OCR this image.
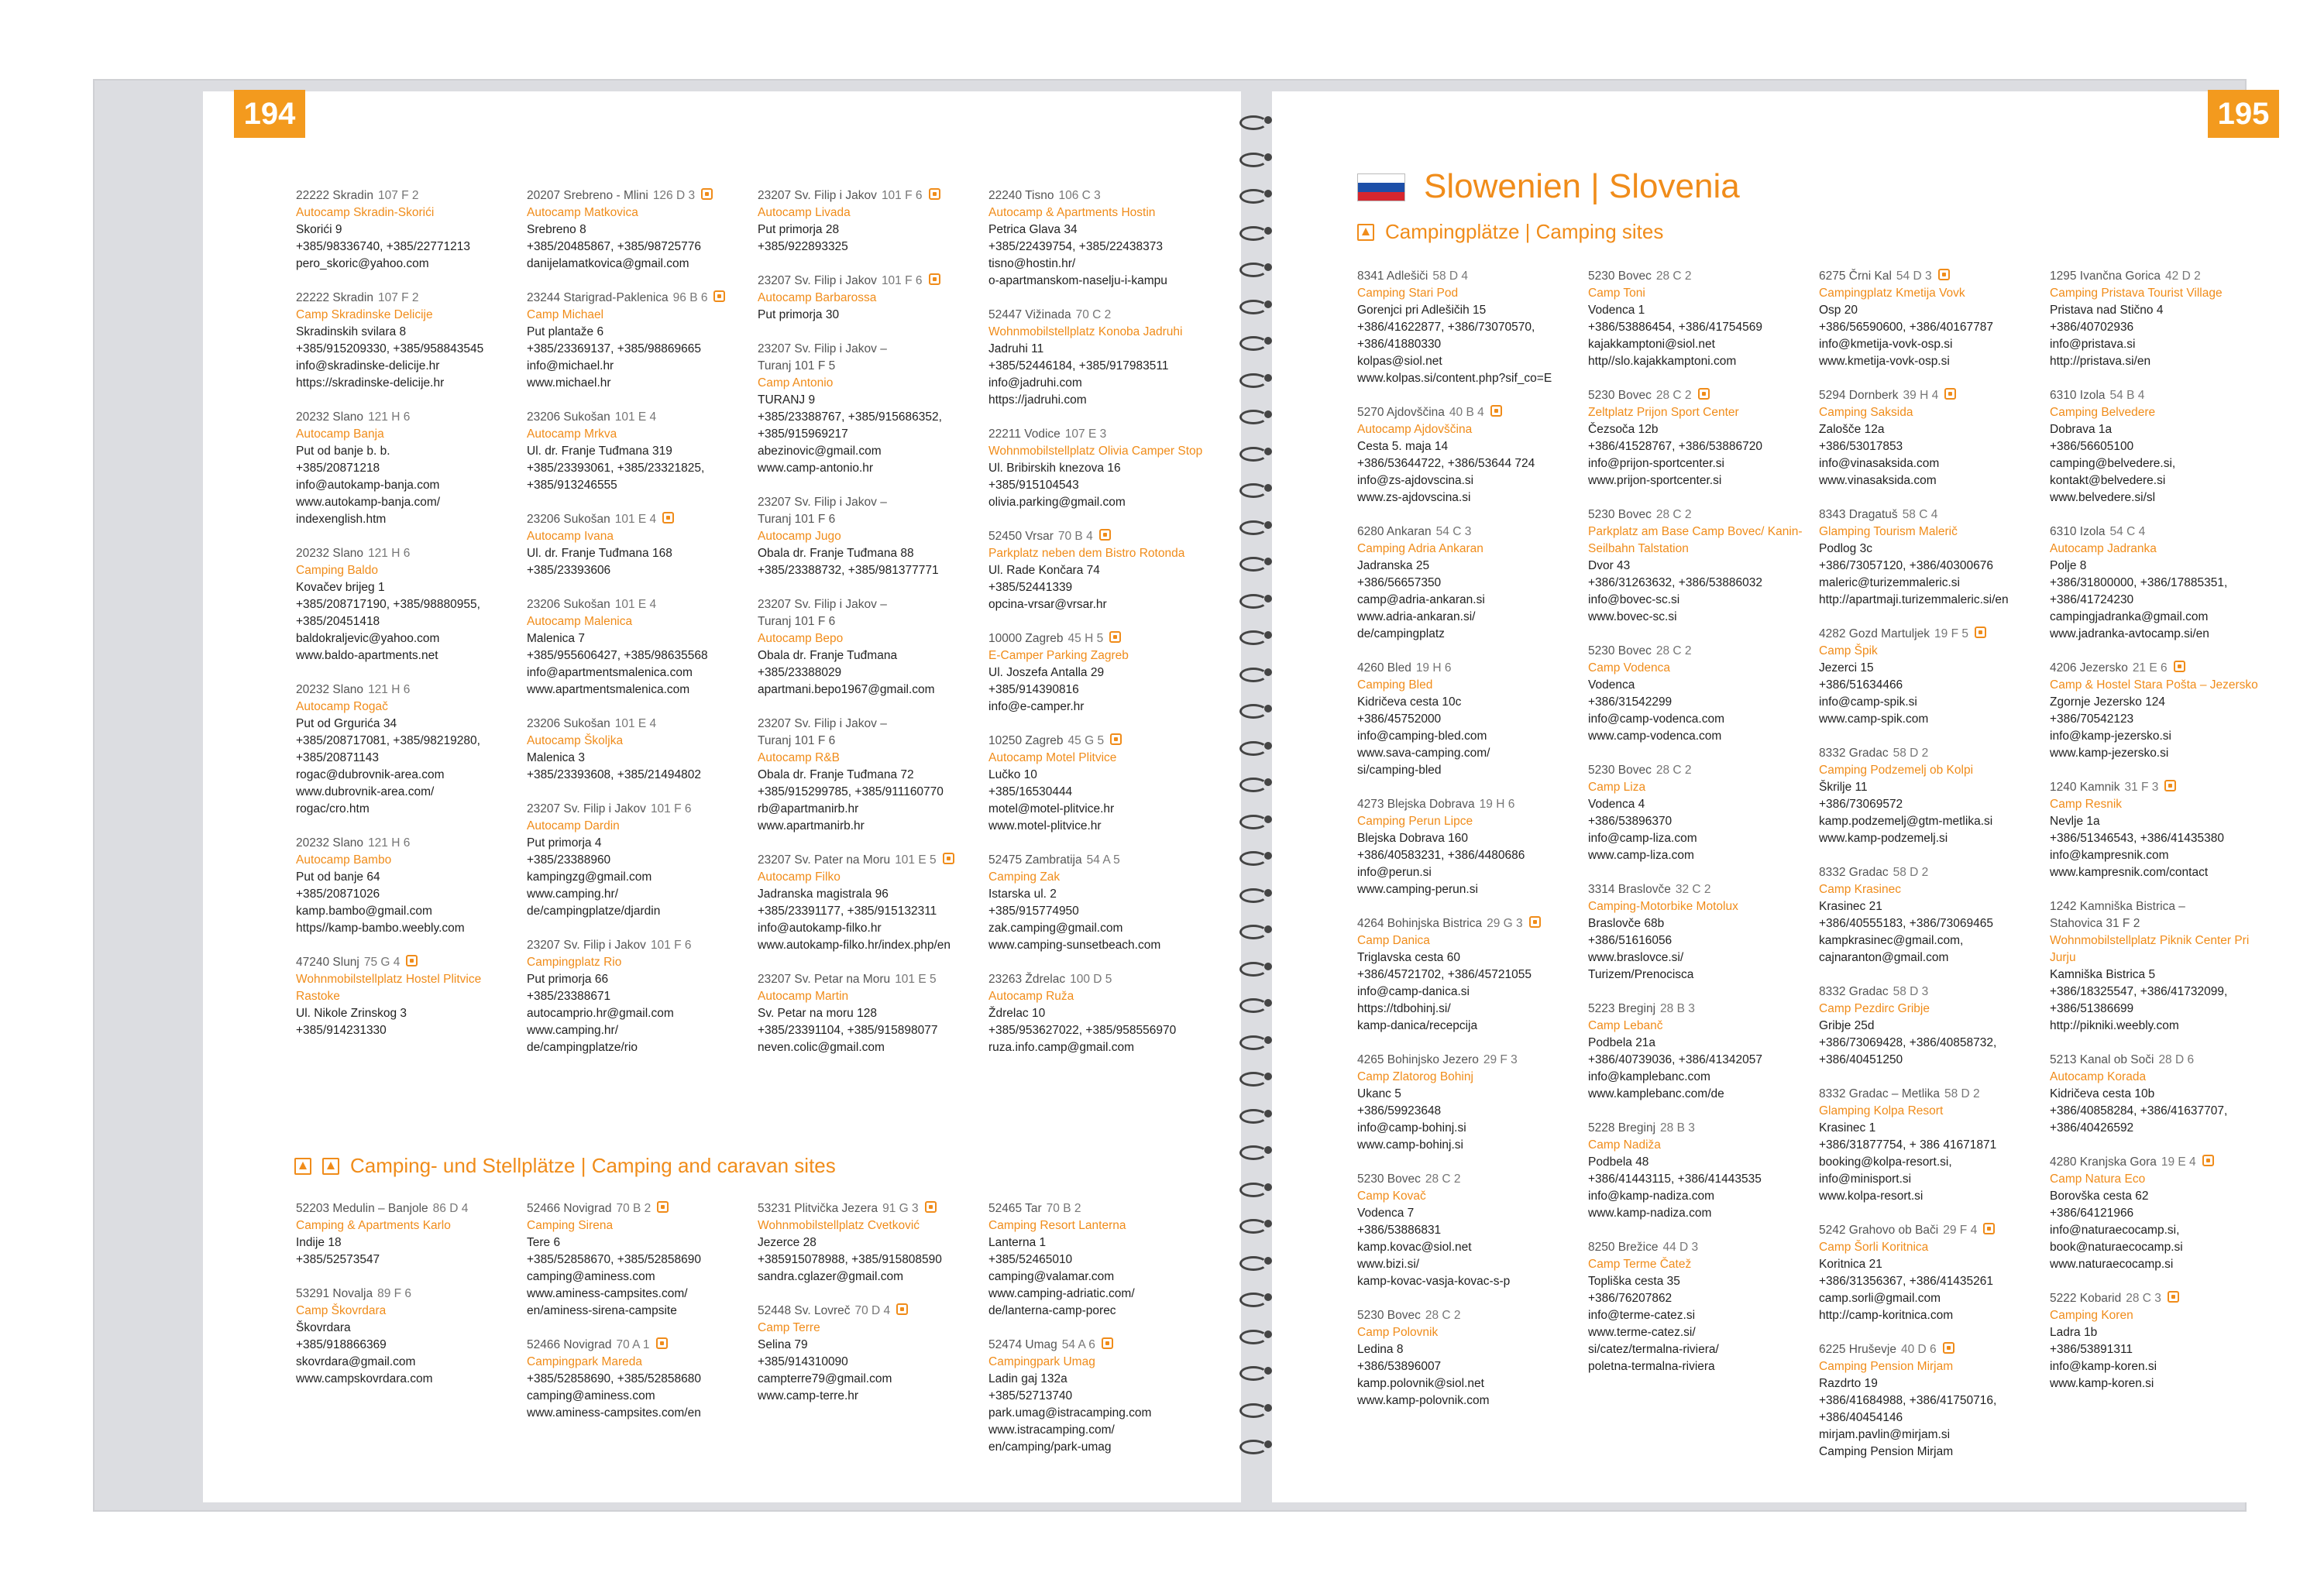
194
22222 Skradin 107 F 2
Autocamp Skradin-Skorići
Skorići 9
+385/98336740, +385/22771213
pero_skoric@yahoo.com
22222 Skradin 107 F 2
Camp Skradinske Delicije
Skradinskih svilara 8
+385/915209330, +385/958843545
info@skradinske-delicije.hr
https://skradinske-delicije.hr
20232 Slano 121 H 6
Autocamp Banja
Put od banje b. b.
+385/20871218
info@autokamp-banja.com
www.autokamp-banja.com/
indexenglish.htm
20232 Slano 121 H 6
Camping Baldo
Kovačev brijeg 1
+385/208717190, +385/98880955,
+385/20451418
baldokraljevic@yahoo.com
www.baldo-apartments.net
20232 Slano 121 H 6
Autocamp Rogač
Put od Grgurića 34
+385/208717081, +385/98219280,
+385/20871143
rogac@dubrovnik-area.com
www.dubrovnik-area.com/
rogac/cro.htm
20232 Slano 121 H 6
Autocamp Bambo
Put od banje 64
+385/20871026
kamp.bambo@gmail.com
https//kamp-bambo.weebly.com
47240 Slunj 75 G 4
Wohnmobilstellplatz Hostel Plitvice Rastoke
Ul. Nikole Zrinskog 3
+385/914231330
20207 Srebreno - Mlini 126 D 3
Autocamp Matkovica
Srebreno 8
+385/20485867, +385/98725776
danijelamatkovica@gmail.com
23244 Starigrad-Paklenica 96 B 6
Camp Michael
Put plantaže 6
+385/23369137, +385/98869665
info@michael.hr
www.michael.hr
23206 Sukošan 101 E 4
Autocamp Mrkva
Ul. dr. Franje Tuđmana 319
+385/23393061, +385/23321825,
+385/913246555
23206 Sukošan 101 E 4
Autocamp Ivana
Ul. dr. Franje Tuđmana 168
+385/23393606
23206 Sukošan 101 E 4
Autocamp Malenica
Malenica 7
+385/955606427, +385/98635568
info@apartmentsmalenica.com
www.apartmentsmalenica.com
23206 Sukošan 101 E 4
Autocamp Školjka
Malenica 3
+385/23393608, +385/21494802
23207 Sv. Filip i Jakov 101 F 6
Autocamp Dardin
Put primorja 4
+385/23388960
kampingzg@gmail.com
www.camping.hr/
de/campingplatze/djardin
23207 Sv. Filip i Jakov 101 F 6
Campingplatz Rio
Put primorja 66
+385/23388671
autocamprio.hr@gmail.com
www.camping.hr/
de/campingplatze/rio
23207 Sv. Filip i Jakov 101 F 6
Autocamp Livada
Put primorja 28
+385/922893325
23207 Sv. Filip i Jakov 101 F 6
Autocamp Barbarossa
Put primorja 30
23207 Sv. Filip i Jakov –
Turanj 101 F 5
Camp Antonio
TURANJ 9
+385/23388767, +385/915686352,
+385/915969217
abezinovic@gmail.com
www.camp-antonio.hr
23207 Sv. Filip i Jakov –
Turanj 101 F 6
Autocamp Jugo
Obala dr. Franje Tuđmana 88
+385/23388732, +385/981377771
23207 Sv. Filip i Jakov –
Turanj 101 F 6
Autocamp Bepo
Obala dr. Franje Tuđmana
+385/23388029
apartmani.bepo1967@gmail.com
23207 Sv. Filip i Jakov –
Turanj 101 F 6
Autocamp R&B
Obala dr. Franje Tuđmana 72
+385/915299785, +385/911160770
rb@apartmanirb.hr
www.apartmanirb.hr
23207 Sv. Pater na Moru 101 E 5
Autocamp Filko
Jadranska magistrala 96
+385/23391177, +385/915132311
info@autokamp-filko.hr
www.autokamp-filko.hr/index.php/en
23207 Sv. Petar na Moru 101 E 5
Autocamp Martin
Sv. Petar na moru 128
+385/23391104, +385/915898077
neven.colic@gmail.com
22240 Tisno 106 C 3
Autocamp & Apartments Hostin
Petrica Glava 34
+385/22439754, +385/22438373
tisno@hostin.hr/
o-apartmanskom-naselju-i-kampu
52447 Vižinada 70 C 2
Wohnmobilstellplatz Konoba Jadruhi
Jadruhi 11
+385/52446184, +385/917983511
info@jadruhi.com
https://jadruhi.com
22211 Vodice 107 E 3
Wohnmobilstellplatz Olivia Camper Stop
Ul. Bribirskih knezova 16
+385/915104543
olivia.parking@gmail.com
52450 Vrsar 70 B 4
Parkplatz neben dem Bistro Rotonda
Ul. Rade Končara 74
+385/52441339
opcina-vrsar@vrsar.hr
10000 Zagreb 45 H 5
E-Camper Parking Zagreb
Ul. Joszefa Antalla 29
+385/914390816
info@e-camper.hr
10250 Zagreb 45 G 5
Autocamp Motel Plitvice
Lučko 10
+385/16530444
motel@motel-plitvice.hr
www.motel-plitvice.hr
52475 Zambratija 54 A 5
Camping Zak
Istarska ul. 2
+385/915774950
zak.camping@gmail.com
www.camping-sunsetbeach.com
23263 Ždrelac 100 D 5
Autocamp Ruža
Ždrelac 10
+385/953627022, +385/958556970
ruza.info.camp@gmail.com
Camping- und Stellplätze | Camping and caravan sites
52203 Medulin – Banjole 86 D 4
Camping & Apartments Karlo
Indije 18
+385/52573547
53291 Novalja 89 F 6
Camp Škovrdara
Škovrdara
+385/918866369
skovrdara@gmail.com
www.campskovrdara.com
52466 Novigrad 70 B 2
Camping Sirena
Tere 6
+385/52858670, +385/52858690
camping@aminess.com
www.aminess-campsites.com/
en/aminess-sirena-campsite
52466 Novigrad 70 A 1
Campingpark Mareda
+385/52858690, +385/52858680
camping@aminess.com
www.aminess-campsites.com/en
53231 Plitvička Jezera 91 G 3
Wohnmobilstellplatz Cvetković
Jezerce 28
+385915078988, +385/915808590
sandra.cglazer@gmail.com
52448 Sv. Lovreč 70 D 4
Camp Terre
Selina 79
+385/914310090
campterre79@gmail.com
www.camp-terre.hr
52465 Tar 70 B 2
Camping Resort Lanterna
Lanterna 1
+385/52465010
camping@valamar.com
www.camping-adriatic.com/
de/lanterna-camp-porec
52474 Umag 54 A 6
Campingpark Umag
Ladin gaj 132a
+385/52713740
park.umag@istracamping.com
www.istracamping.com/
en/camping/park-umag
195
Slowenien | Slovenia
Campingplätze | Camping sites
8341 Adlešiči 58 D 4
Camping Stari Pod
Gorenjci pri Adlešičih 15
+386/41622877, +386/73070570,
+386/41880330
kolpas@siol.net
www.kolpas.si/content.php?sif_co=E
5270 Ajdovščina 40 B 4
Autocamp Ajdovščina
Cesta 5. maja 14
+386/53644722, +386/53644 724
info@zs-ajdovscina.si
www.zs-ajdovscina.si
6280 Ankaran 54 C 3
Camping Adria Ankaran
Jadranska 25
+386/56657350
camp@adria-ankaran.si
www.adria-ankaran.si/
de/campingplatz
4260 Bled 19 H 6
Camping Bled
Kidričeva cesta 10c
+386/45752000
info@camping-bled.com
www.sava-camping.com/
si/camping-bled
4273 Blejska Dobrava 19 H 6
Camping Perun Lipce
Blejska Dobrava 160
+386/40583231, +386/4480686
info@perun.si
www.camping-perun.si
4264 Bohinjska Bistrica 29 G 3
Camp Danica
Triglavska cesta 60
+386/45721702, +386/45721055
info@camp-danica.si
https://tdbohinj.si/
kamp-danica/recepcija
4265 Bohinjsko Jezero 29 F 3
Camp Zlatorog Bohinj
Ukanc 5
+386/59923648
info@camp-bohinj.si
www.camp-bohinj.si
5230 Bovec 28 C 2
Camp Kovač
Vodenca 7
+386/53886831
kamp.kovac@siol.net
www.bizi.si/
kamp-kovac-vasja-kovac-s-p
5230 Bovec 28 C 2
Camp Polovnik
Ledina 8
+386/53896007
kamp.polovnik@siol.net
www.kamp-polovnik.com
5230 Bovec 28 C 2
Camp Toni
Vodenca 1
+386/53886454, +386/41754569
kajakkamptoni@siol.net
http//slo.kajakkamptoni.com
5230 Bovec 28 C 2
Zeltplatz Prijon Sport Center
Čezsoča 12b
+386/41528767, +386/53886720
info@prijon-sportcenter.si
www.prijon-sportcenter.si
5230 Bovec 28 C 2
Parkplatz am Base Camp Bovec/ Kanin-Seilbahn Talstation
Dvor 43
+386/31263632, +386/53886032
info@bovec-sc.si
www.bovec-sc.si
5230 Bovec 28 C 2
Camp Vodenca
Vodenca
+386/31542299
info@camp-vodenca.com
www.camp-vodenca.com
5230 Bovec 28 C 2
Camp Liza
Vodenca 4
+386/53896370
info@camp-liza.com
www.camp-liza.com
3314 Braslovče 32 C 2
Camping-Motorbike Motolux
Braslovče 68b
+386/51616056
www.braslovce.si/
Turizem/Prenocisca
5223 Breginj 28 B 3
Camp Lebanč
Podbela 21a
+386/40739036, +386/41342057
info@kamplebanc.com
www.kamplebanc.com/de
5228 Breginj 28 B 3
Camp Nadiža
Podbela 48
+386/41443115, +386/41443535
info@kamp-nadiza.com
www.kamp-nadiza.com
8250 Brežice 44 D 3
Camp Terme Čatež
Topliška cesta 35
+386/76207862
info@terme-catez.si
www.terme-catez.si/
si/catez/termalna-riviera/
poletna-termalna-riviera
6275 Črni Kal 54 D 3
Campingplatz Kmetija Vovk
Osp 20
+386/56590600, +386/40167787
info@kmetija-vovk-osp.si
www.kmetija-vovk-osp.si
5294 Dornberk 39 H 4
Camping Saksida
Zalošče 12a
+386/53017853
info@vinasaksida.com
www.vinasaksida.com
8343 Dragatuš 58 C 4
Glamping Tourism Malerič
Podlog 3c
+386/73057120, +386/40300676
maleric@turizemmaleric.si
http://apartmaji.turizemmaleric.si/en
4282 Gozd Martuljek 19 F 5
Camp Špik
Jezerci 15
+386/51634466
info@camp-spik.si
www.camp-spik.com
8332 Gradac 58 D 2
Camping Podzemelj ob Kolpi
Škrilje 11
+386/73069572
kamp.podzemelj@gtm-metlika.si
www.kamp-podzemelj.si
8332 Gradac 58 D 2
Camp Krasinec
Krasinec 21
+386/40555183, +386/73069465
kampkrasinec@gmail.com,
cajnaranton@gmail.com
8332 Gradac 58 D 3
Camp Pezdirc Gribje
Gribje 25d
+386/73069428, +386/40858732,
+386/40451250
8332 Gradac – Metlika 58 D 2
Glamping Kolpa Resort
Krasinec 1
+386/31877754, + 386 41671871
booking@kolpa-resort.si,
info@minisport.si
www.kolpa-resort.si
5242 Grahovo ob Bači 29 F 4
Camp Šorli Koritnica
Koritnica 21
+386/31356367, +386/41435261
camp.sorli@gmail.com
http://camp-koritnica.com
6225 Hruševje 40 D 6
Camping Pension Mirjam
Razdrto 19
+386/41684988, +386/41750716,
+386/40454146
mirjam.pavlin@mirjam.si
Camping Pension Mirjam
1295 Ivančna Gorica 42 D 2
Camping Pristava Tourist Village
Pristava nad Stično 4
+386/40702936
info@pristava.si
http://pristava.si/en
6310 Izola 54 B 4
Camping Belvedere
Dobrava 1a
+386/56605100
camping@belvedere.si,
kontakt@belvedere.si
www.belvedere.si/sl
6310 Izola 54 C 4
Autocamp Jadranka
Polje 8
+386/31800000, +386/17885351,
+386/41724230
campingjadranka@gmail.com
www.jadranka-avtocamp.si/en
4206 Jezersko 21 E 6
Camp & Hostel Stara Pošta – Jezersko
Zgornje Jezersko 124
+386/70542123
info@kamp-jezersko.si
www.kamp-jezersko.si
1240 Kamnik 31 F 3
Camp Resnik
Nevlje 1a
+386/51346543, +386/41435380
info@kampresnik.com
www.kampresnik.com/contact
1242 Kamniška Bistrica –
Stahovica 31 F 2
Wohnmobilstellplatz Piknik Center Pri Jurju
Kamniška Bistrica 5
+386/18325547, +386/41732099,
+386/51386699
http://pikniki.weebly.com
5213 Kanal ob Soči 28 D 6
Autocamp Korada
Kidričeva cesta 10b
+386/40858284, +386/41637707,
+386/40426592
4280 Kranjska Gora 19 E 4
Camp Natura Eco
Borovška cesta 62
+386/64121966
info@naturaecocamp.si,
book@naturaecocamp.si
www.naturaecocamp.si
5222 Kobarid 28 C 3
Camping Koren
Ladra 1b
+386/53891311
info@kamp-koren.si
www.kamp-koren.si
